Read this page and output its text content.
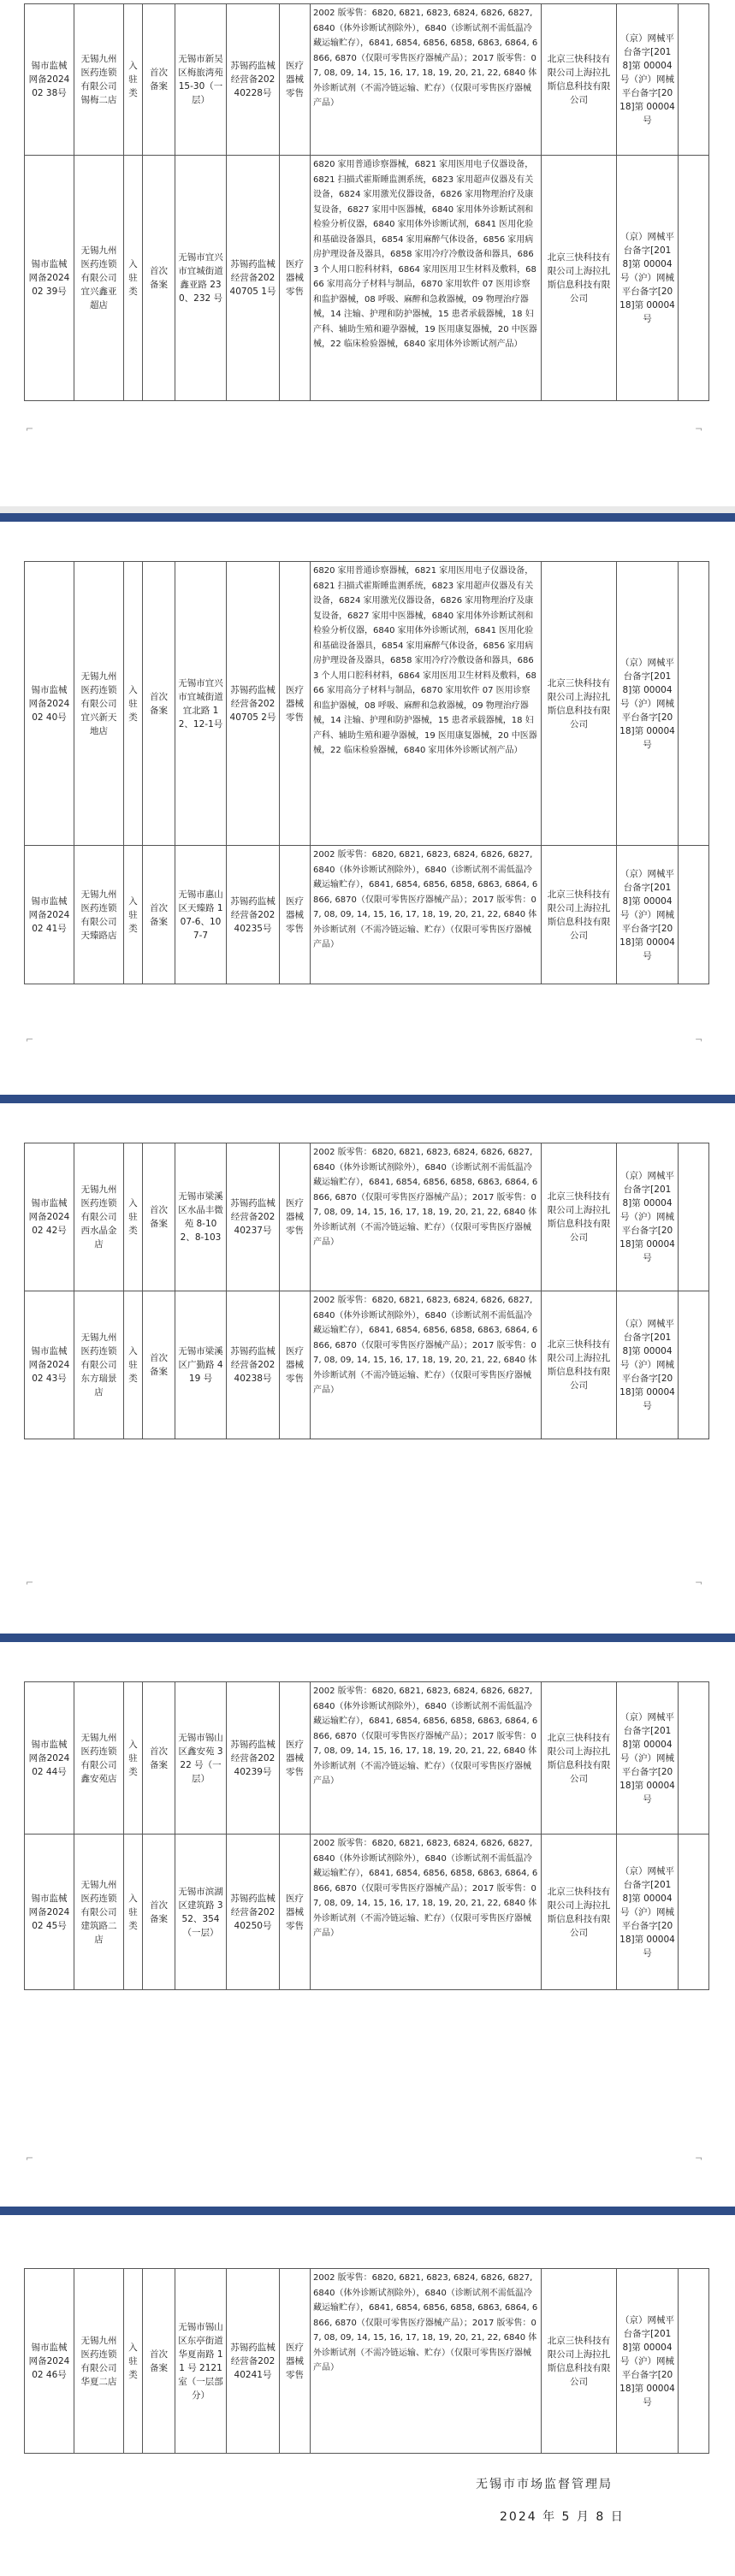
锡市监械网备202402 38号	无锡九州医药连锁有限公司锡梅二店	入驻类	首次备案	无锡市新吴区梅旅湾苑 15-30（一层）	苏锡药监械经营备20240228号	医疗器械零售	2002 版零售：6820, 6821, 6823, 6824, 6826, 6827, 6840（体外诊断试剂除外），6840（诊断试剂不需低温冷藏运输贮存），6841, 6854, 6856, 6858, 6863, 6864, 6866, 6870（仅限可零售医疗器械产品）；2017 版零售：07, 08, 09, 14, 15, 16, 17, 18, 19, 20, 21, 22, 6840 体外诊断试剂（不需冷链运输、贮存）（仅限可零售医疗器械产品）	北京三快科技有限公司上海拉扎斯信息科技有限公司	（京）网械平台备字[2018]第 00004 号（沪）网械平台备字[2018]第 00004 号	
锡市监械网备202402 39号	无锡九州医药连锁有限公司宜兴鑫亚超店	入驻类	首次备案	无锡市宜兴市宜城街道鑫亚路 230、232 号	苏锡药监械经营备20240705 1号	医疗器械零售	6820 家用普通诊察器械，6821 家用医用电子仪器设备，6821 扫描式霍斯睡监测系统，6823 家用超声仪器及有关设备，6824 家用激光仪器设备，6826 家用物理治疗及康复设备，6827 家用中医器械，6840 家用体外诊断试剂和检验分析仪器，6840 家用体外诊断试剂，6841 医用化验和基础设备器具，6854 家用麻醉气体设备，6856 家用病房护理设备及器具，6858 家用冷疗冷敷设备和器具，6863 个人用口腔科材料，6864 家用医用卫生材料及敷料，6866 家用高分子材料与制品，6870 家用软件 07 医用诊察和监护器械，08 呼吸、麻醉和急救器械，09 物理治疗器械，14 注输、护理和防护器械，15 患者承载器械，18 妇产科、辅助生殖和避孕器械，19 医用康复器械，20 中医器械，22 临床检验器械，6840 家用体外诊断试剂产品）	北京三快科技有限公司上海拉扎斯信息科技有限公司	（京）网械平台备字[2018]第 00004 号（沪）网械平台备字[2018]第 00004 号	
⌐	¬
锡市监械网备202402 40号	无锡九州医药连锁有限公司宜兴新天地店	入驻类	首次备案	无锡市宜兴市宜城街道宜北路 12、12-1号	苏锡药监械经营备20240705 2号	医疗器械零售	6820 家用普通诊察器械，6821 家用医用电子仪器设备，6821 扫描式霍斯睡监测系统，6823 家用超声仪器及有关设备，6824 家用激光仪器设备，6826 家用物理治疗及康复设备，6827 家用中医器械，6840 家用体外诊断试剂和检验分析仪器，6840 家用体外诊断试剂，6841 医用化验和基础设备器具，6854 家用麻醉气体设备，6856 家用病房护理设备及器具，6858 家用冷疗冷敷设备和器具，6863 个人用口腔科材料，6864 家用医用卫生材料及敷料，6866 家用高分子材料与制品，6870 家用软件 07 医用诊察和监护器械，08 呼吸、麻醉和急救器械，09 物理治疗器械，14 注输、护理和防护器械，15 患者承载器械，18 妇产科、辅助生殖和避孕器械，19 医用康复器械，20 中医器械，22 临床检验器械，6840 家用体外诊断试剂产品）	北京三快科技有限公司上海拉扎斯信息科技有限公司	（京）网械平台备字[2018]第 00004 号（沪）网械平台备字[2018]第 00004 号	
锡市监械网备202402 41号	无锡九州医药连锁有限公司天臻路店	入驻类	首次备案	无锡市惠山区天臻路 107-6、107-7	苏锡药监械经营备20240235号	医疗器械零售	2002 版零售：6820, 6821, 6823, 6824, 6826, 6827, 6840（体外诊断试剂除外），6840（诊断试剂不需低温冷藏运输贮存），6841, 6854, 6856, 6858, 6863, 6864, 6866, 6870（仅限可零售医疗器械产品）；2017 版零售：07, 08, 09, 14, 15, 16, 17, 18, 19, 20, 21, 22, 6840 体外诊断试剂（不需冷链运输、贮存）（仅限可零售医疗器械产品）	北京三快科技有限公司上海拉扎斯信息科技有限公司	（京）网械平台备字[2018]第 00004 号（沪）网械平台备字[2018]第 00004 号	
⌐	¬
锡市监械网备202402 42号	无锡九州医药连锁有限公司西水晶金店	入驻类	首次备案	无锡市梁溪区水晶丰微苑 8-102、8-103	苏锡药监械经营备20240237号	医疗器械零售	2002 版零售：6820, 6821, 6823, 6824, 6826, 6827, 6840（体外诊断试剂除外），6840（诊断试剂不需低温冷藏运输贮存），6841, 6854, 6856, 6858, 6863, 6864, 6866, 6870（仅限可零售医疗器械产品）；2017 版零售：07, 08, 09, 14, 15, 16, 17, 18, 19, 20, 21, 22, 6840 体外诊断试剂（不需冷链运输、贮存）（仅限可零售医疗器械产品）	北京三快科技有限公司上海拉扎斯信息科技有限公司	（京）网械平台备字[2018]第 00004 号（沪）网械平台备字[2018]第 00004 号	
锡市监械网备202402 43号	无锡九州医药连锁有限公司东方瑞景店	入驻类	首次备案	无锡市梁溪区广勤路 419 号	苏锡药监械经营备20240238号	医疗器械零售	2002 版零售：6820, 6821, 6823, 6824, 6826, 6827, 6840（体外诊断试剂除外），6840（诊断试剂不需低温冷藏运输贮存），6841, 6854, 6856, 6858, 6863, 6864, 6866, 6870（仅限可零售医疗器械产品）；2017 版零售：07, 08, 09, 14, 15, 16, 17, 18, 19, 20, 21, 22, 6840 体外诊断试剂（不需冷链运输、贮存）（仅限可零售医疗器械产品）	北京三快科技有限公司上海拉扎斯信息科技有限公司	（京）网械平台备字[2018]第 00004 号（沪）网械平台备字[2018]第 00004 号	
⌐	¬
锡市监械网备202402 44号	无锡九州医药连锁有限公司鑫安苑店	入驻类	首次备案	无锡市锡山区鑫安苑 322 号（一层）	苏锡药监械经营备20240239号	医疗器械零售	2002 版零售：6820, 6821, 6823, 6824, 6826, 6827, 6840（体外诊断试剂除外），6840（诊断试剂不需低温冷藏运输贮存），6841, 6854, 6856, 6858, 6863, 6864, 6866, 6870（仅限可零售医疗器械产品）；2017 版零售：07, 08, 09, 14, 15, 16, 17, 18, 19, 20, 21, 22, 6840 体外诊断试剂（不需冷链运输、贮存）（仅限可零售医疗器械产品）	北京三快科技有限公司上海拉扎斯信息科技有限公司	（京）网械平台备字[2018]第 00004 号（沪）网械平台备字[2018]第 00004 号	
锡市监械网备202402 45号	无锡九州医药连锁有限公司建筑路二店	入驻类	首次备案	无锡市滨湖区建筑路 352、354（一层）	苏锡药监械经营备20240250号	医疗器械零售	2002 版零售：6820, 6821, 6823, 6824, 6826, 6827, 6840（体外诊断试剂除外），6840（诊断试剂不需低温冷藏运输贮存），6841, 6854, 6856, 6858, 6863, 6864, 6866, 6870（仅限可零售医疗器械产品）；2017 版零售：07, 08, 09, 14, 15, 16, 17, 18, 19, 20, 21, 22, 6840 体外诊断试剂（不需冷链运输、贮存）（仅限可零售医疗器械产品）	北京三快科技有限公司上海拉扎斯信息科技有限公司	（京）网械平台备字[2018]第 00004 号（沪）网械平台备字[2018]第 00004 号	
⌐	¬
锡市监械网备202402 46号	无锡九州医药连锁有限公司华夏二店	入驻类	首次备案	无锡市锡山区东亭街道华夏南路 11 号 2121 室（一层部分）	苏锡药监械经营备20240241号	医疗器械零售	2002 版零售：6820, 6821, 6823, 6824, 6826, 6827, 6840（体外诊断试剂除外），6840（诊断试剂不需低温冷藏运输贮存），6841, 6854, 6856, 6858, 6863, 6864, 6866, 6870（仅限可零售医疗器械产品）；2017 版零售：07, 08, 09, 14, 15, 16, 17, 18, 19, 20, 21, 22, 6840 体外诊断试剂（不需冷链运输、贮存）（仅限可零售医疗器械产品）	北京三快科技有限公司上海拉扎斯信息科技有限公司	（京）网械平台备字[2018]第 00004 号（沪）网械平台备字[2018]第 00004 号	
无锡市市场监督管理局
2024 年 5 月 8 日
